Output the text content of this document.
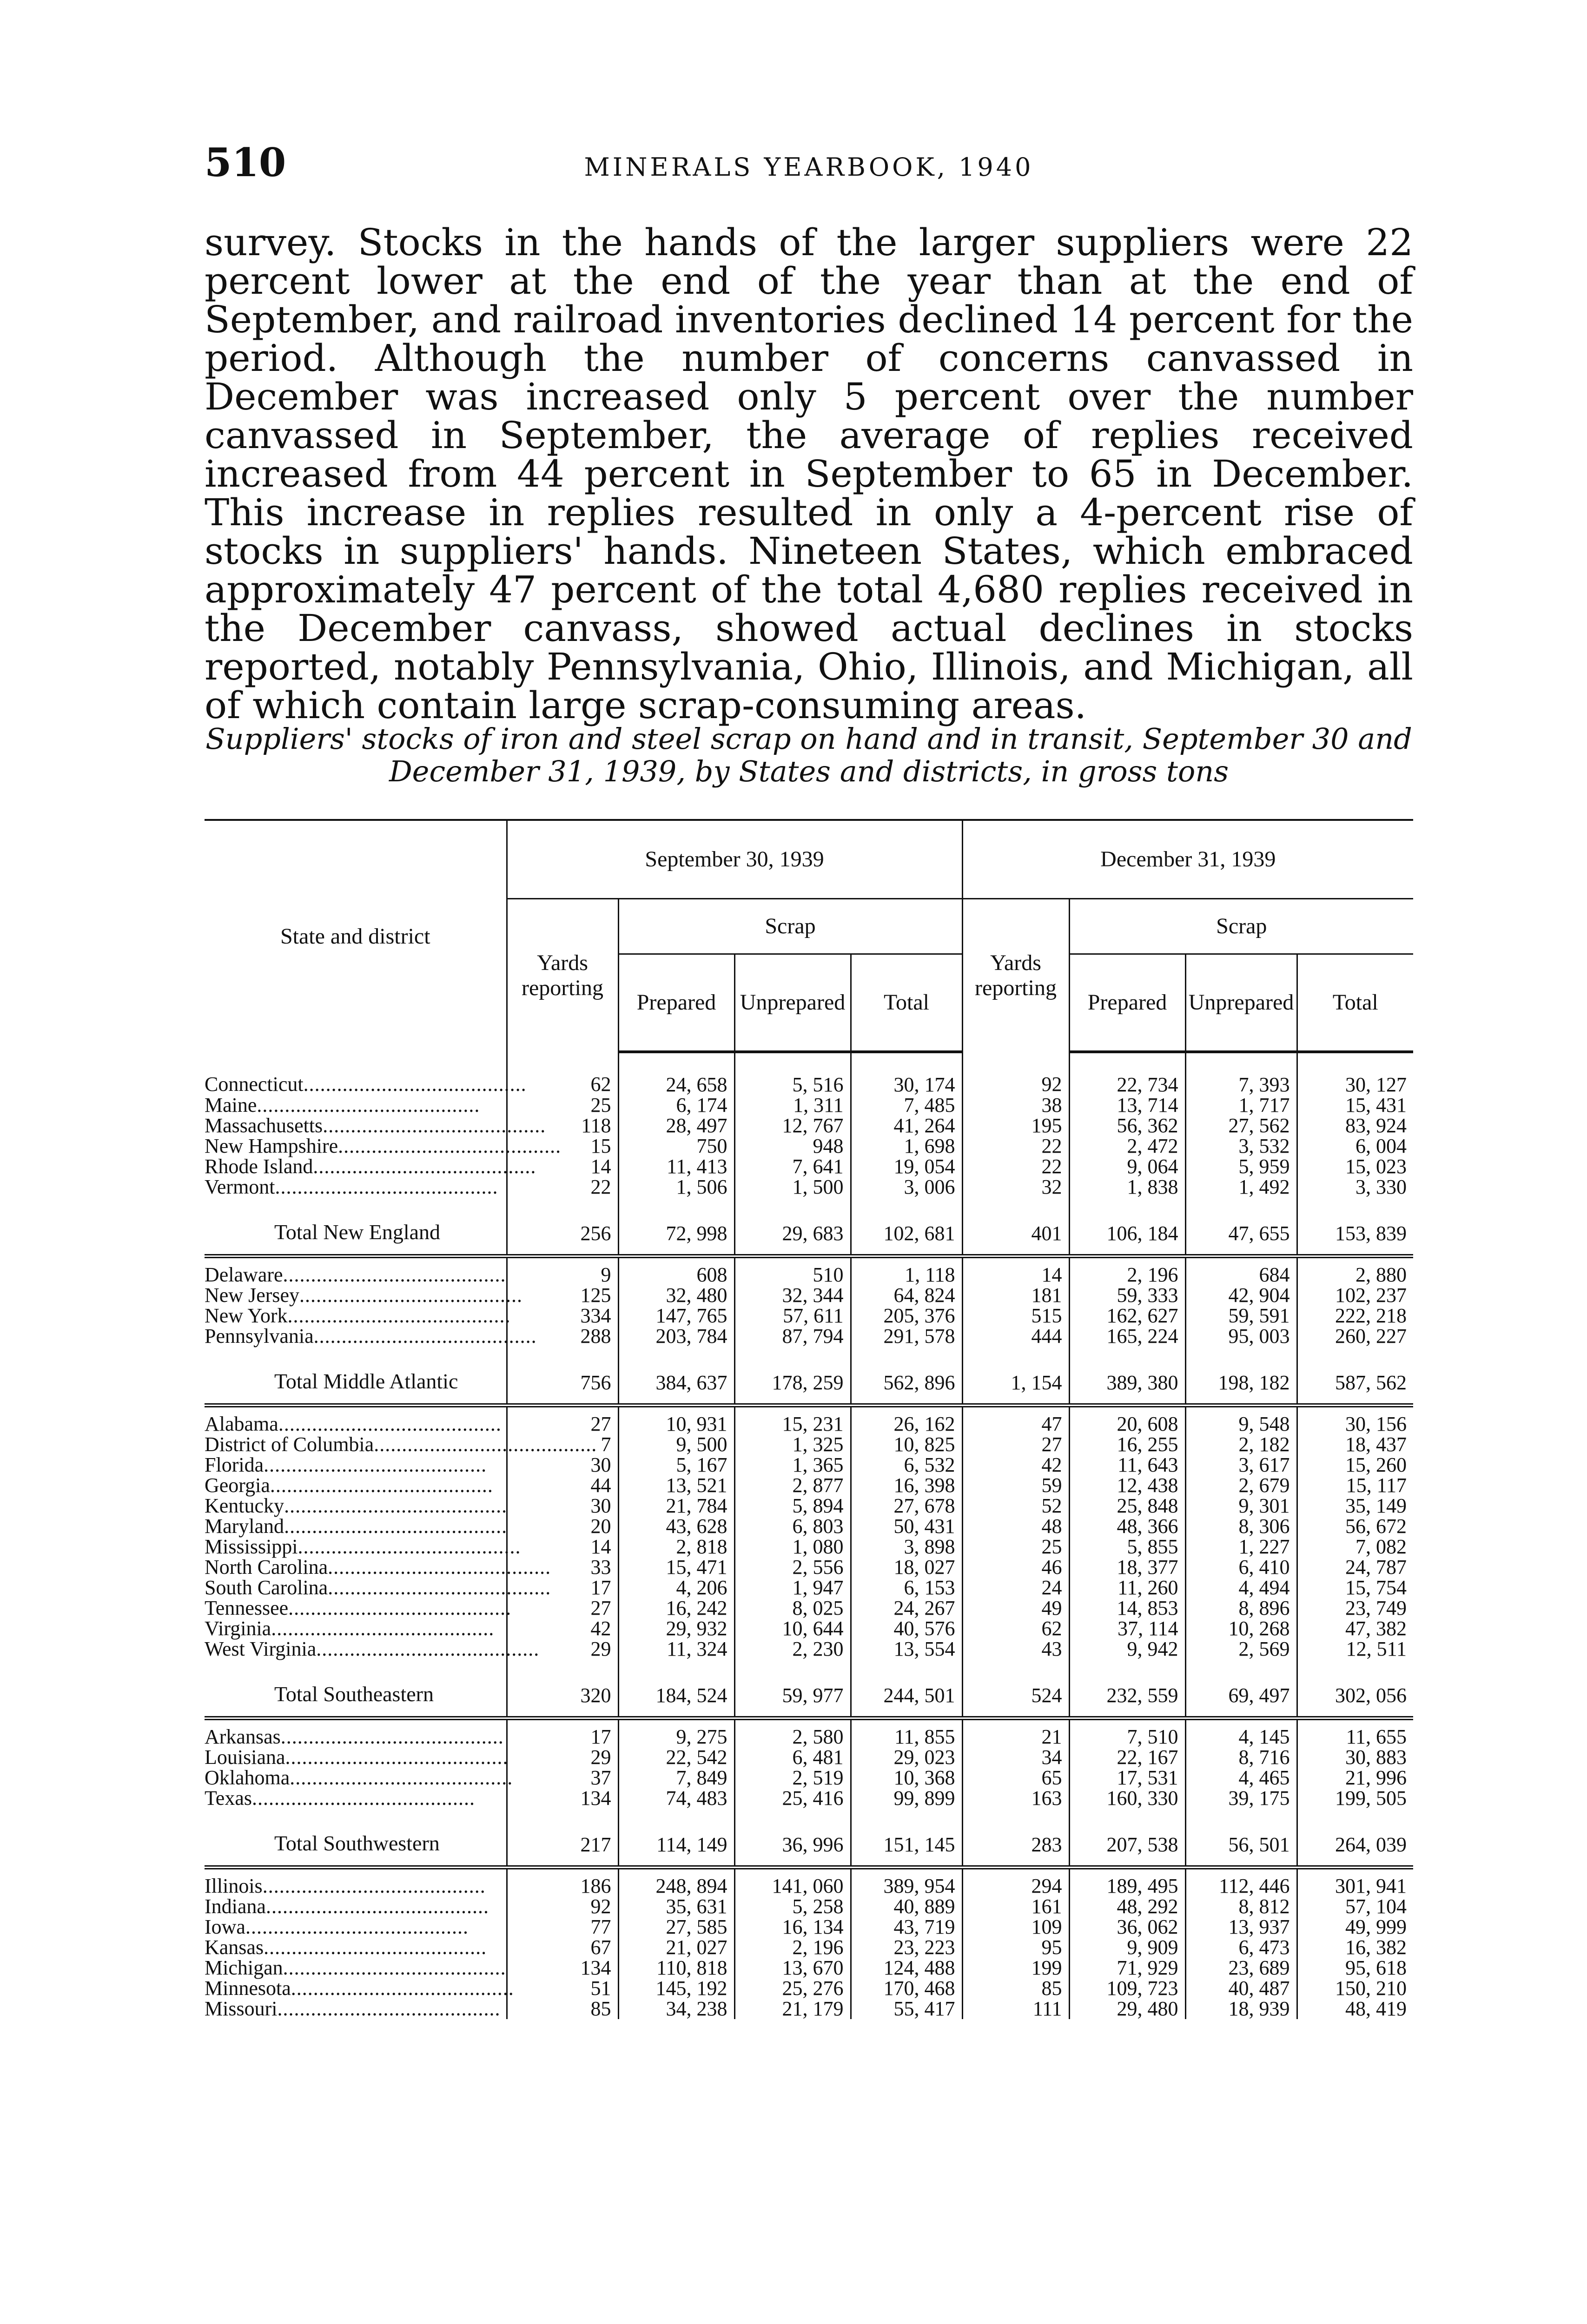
510	MINERALS YEARBOOK, 1940

survey. Stocks in the hands of the larger suppliers were 22 percent lower at the end of the year than at the end of September, and railroad inventories declined 14 percent for the period. Although the number of concerns canvassed in December was increased only 5 percent over the number canvassed in September, the average of replies received increased from 44 percent in September to 65 in December. This increase in replies resulted in only a 4-percent rise of stocks in suppliers' hands. Nineteen States, which embraced approximately 47 percent of the total 4,680 replies received in the December canvass, showed actual declines in stocks reported, notably Pennsylvania, Ohio, Illinois, and Michigan, all of which contain large scrap-consuming areas.

Suppliers' stocks of iron and steel scrap on hand and in transit, September 30 and
December 31, 1939, by States and districts, in gross tons

State and district	September 30, 1939				December 31, 1939			
	Yards reporting	Scrap			Yards reporting	Scrap		
		Prepared	Unprepared	Total		Prepared	Unprepared	Total
Connecticut........................................	62	24, 658	5, 516	30, 174	92	22, 734	7, 393	30, 127
Maine........................................	25	6, 174	1, 311	7, 485	38	13, 714	1, 717	15, 431
Massachusetts........................................	118	28, 497	12, 767	41, 264	195	56, 362	27, 562	83, 924
New Hampshire........................................	15	750	948	1, 698	22	2, 472	3, 532	6, 004
Rhode Island........................................	14	11, 413	7, 641	19, 054	22	9, 064	5, 959	15, 023
Vermont........................................	22	1, 506	1, 500	3, 006	32	1, 838	1, 492	3, 330
Total New England	256	72, 998	29, 683	102, 681	401	106, 184	47, 655	153, 839
Delaware........................................	9	608	510	1, 118	14	2, 196	684	2, 880
New Jersey........................................	125	32, 480	32, 344	64, 824	181	59, 333	42, 904	102, 237
New York........................................	334	147, 765	57, 611	205, 376	515	162, 627	59, 591	222, 218
Pennsylvania........................................	288	203, 784	87, 794	291, 578	444	165, 224	95, 003	260, 227
Total Middle Atlantic	756	384, 637	178, 259	562, 896	1, 154	389, 380	198, 182	587, 562
Alabama........................................	27	10, 931	15, 231	26, 162	47	20, 608	9, 548	30, 156
District of Columbia........................................	7	9, 500	1, 325	10, 825	27	16, 255	2, 182	18, 437
Florida........................................	30	5, 167	1, 365	6, 532	42	11, 643	3, 617	15, 260
Georgia........................................	44	13, 521	2, 877	16, 398	59	12, 438	2, 679	15, 117
Kentucky........................................	30	21, 784	5, 894	27, 678	52	25, 848	9, 301	35, 149
Maryland........................................	20	43, 628	6, 803	50, 431	48	48, 366	8, 306	56, 672
Mississippi........................................	14	2, 818	1, 080	3, 898	25	5, 855	1, 227	7, 082
North Carolina........................................	33	15, 471	2, 556	18, 027	46	18, 377	6, 410	24, 787
South Carolina........................................	17	4, 206	1, 947	6, 153	24	11, 260	4, 494	15, 754
Tennessee........................................	27	16, 242	8, 025	24, 267	49	14, 853	8, 896	23, 749
Virginia........................................	42	29, 932	10, 644	40, 576	62	37, 114	10, 268	47, 382
West Virginia........................................	29	11, 324	2, 230	13, 554	43	9, 942	2, 569	12, 511
Total Southeastern	320	184, 524	59, 977	244, 501	524	232, 559	69, 497	302, 056
Arkansas........................................	17	9, 275	2, 580	11, 855	21	7, 510	4, 145	11, 655
Louisiana........................................	29	22, 542	6, 481	29, 023	34	22, 167	8, 716	30, 883
Oklahoma........................................	37	7, 849	2, 519	10, 368	65	17, 531	4, 465	21, 996
Texas........................................	134	74, 483	25, 416	99, 899	163	160, 330	39, 175	199, 505
Total Southwestern	217	114, 149	36, 996	151, 145	283	207, 538	56, 501	264, 039
Illinois........................................	186	248, 894	141, 060	389, 954	294	189, 495	112, 446	301, 941
Indiana........................................	92	35, 631	5, 258	40, 889	161	48, 292	8, 812	57, 104
Iowa........................................	77	27, 585	16, 134	43, 719	109	36, 062	13, 937	49, 999
Kansas........................................	67	21, 027	2, 196	23, 223	95	9, 909	6, 473	16, 382
Michigan........................................	134	110, 818	13, 670	124, 488	199	71, 929	23, 689	95, 618
Minnesota........................................	51	145, 192	25, 276	170, 468	85	109, 723	40, 487	150, 210
Missouri........................................	85	34, 238	21, 179	55, 417	111	29, 480	18, 939	48, 419
